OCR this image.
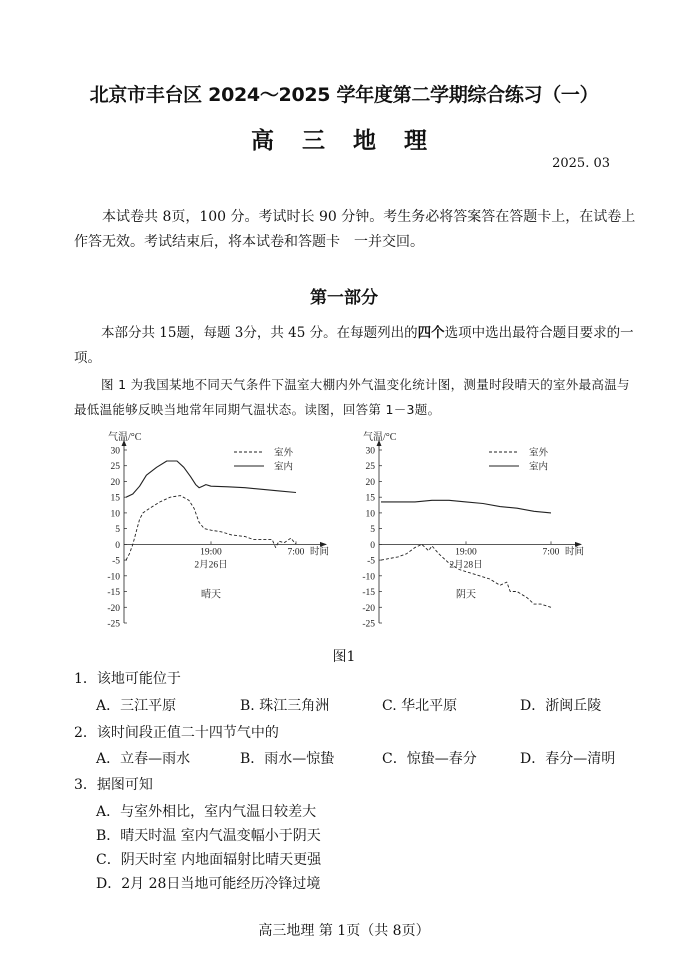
北京市丰台区 2024～2025 学年度第二学期综合练习（一）
高 三 地 理
2025. 03
本试卷共 8页，100 分。考试时长 90 分钟。考生务必将答案答在答题卡上，在试卷上作答无效。考试结束后，将本试卷和答题卡　一并交回。
第一部分
本部分共 15题，每题 3分，共 45 分。在每题列出的四个选项中选出最符合题目要求的一项。
图 1 为我国某地不同天气条件下温室大棚内外气温变化统计图，测量时段晴天的室外最高温与最低温能够反映当地常年同期气温状态。读图，回答第 1－3题。
气温/°C
30
25
20
15
10
5
0
-5
-10
-15
-20
-25
19:00	7:00 时间
2月26日
室外
室内
晴天
气温/°C
30
25
20
15
10
5
0
-5
-10
-15
-20
-25
19:00	7:00 时间
2月28日
室外
室内
阴天
图1
1．该地可能位于
A．三江平原	B. 珠江三角洲	C. 华北平原	D．浙闽丘陵
2．该时间段正值二十四节气中的
A．立春—雨水	B．雨水—惊蛰	C．惊蛰—春分	D．春分—清明
3．据图可知
A．与室外相比，室内气温日较差大
B．晴天时温 室内气温变幅小于阴天
C．阴天时室 内地面辐射比晴天更强
D．2月 28日当地可能经历冷锋过境
高三地理 第 1页（共 8页）
